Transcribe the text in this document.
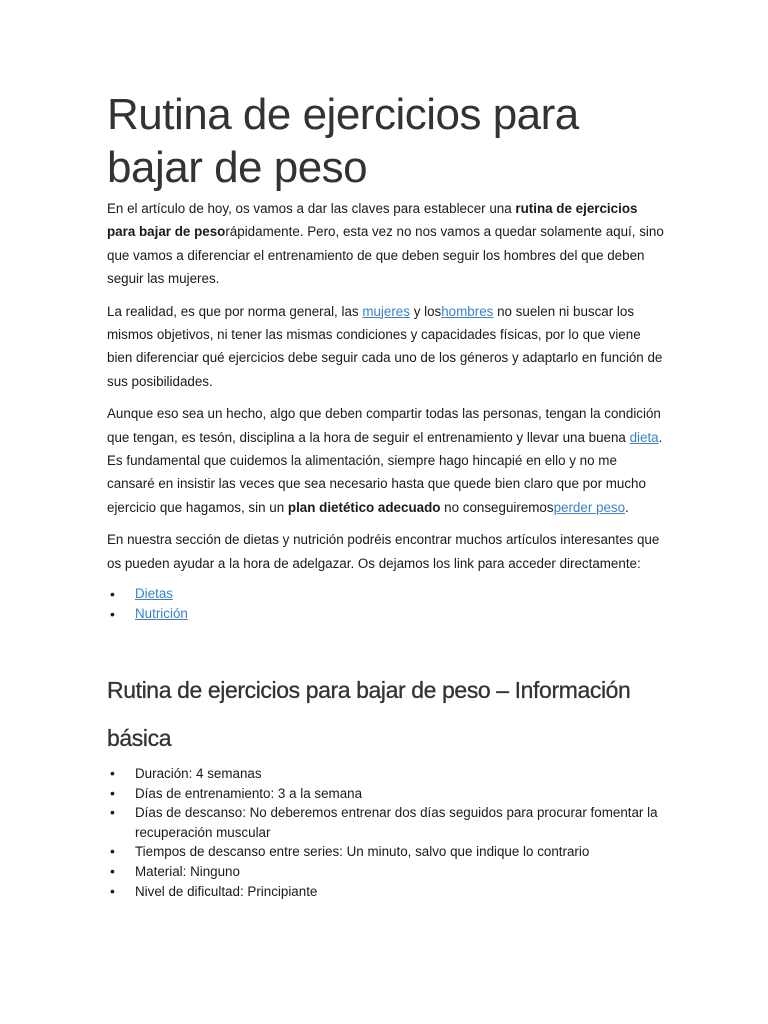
Rutina de ejercicios para bajar de peso

En el artículo de hoy, os vamos a dar las claves para establecer una rutina de ejercicios para bajar de pesorápidamente. Pero, esta vez no nos vamos a quedar solamente aquí, sino que vamos a diferenciar el entrenamiento de que deben seguir los hombres del que deben seguir las mujeres.

La realidad, es que por norma general, las mujeres y loshombres no suelen ni buscar los mismos objetivos, ni tener las mismas condiciones y capacidades físicas, por lo que viene bien diferenciar qué ejercicios debe seguir cada uno de los géneros y adaptarlo en función de sus posibilidades.

Aunque eso sea un hecho, algo que deben compartir todas las personas, tengan la condición que tengan, es tesón, disciplina a la hora de seguir el entrenamiento y llevar una buena dieta. Es fundamental que cuidemos la alimentación, siempre hago hincapié en ello y no me cansaré en insistir las veces que sea necesario hasta que quede bien claro que por mucho ejercicio que hagamos, sin un plan dietético adecuado no conseguiremosperder peso.

En nuestra sección de dietas y nutrición podréis encontrar muchos artículos interesantes que os pueden ayudar a la hora de adelgazar. Os dejamos los link para acceder directamente:

• Dietas
• Nutrición
Rutina de ejercicios para bajar de peso – Información básica
• Duración: 4 semanas
• Días de entrenamiento: 3 a la semana
• Días de descanso: No deberemos entrenar dos días seguidos para procurar fomentar la recuperación muscular
• Tiempos de descanso entre series: Un minuto, salvo que indique lo contrario
• Material: Ninguno
• Nivel de dificultad: Principiante
